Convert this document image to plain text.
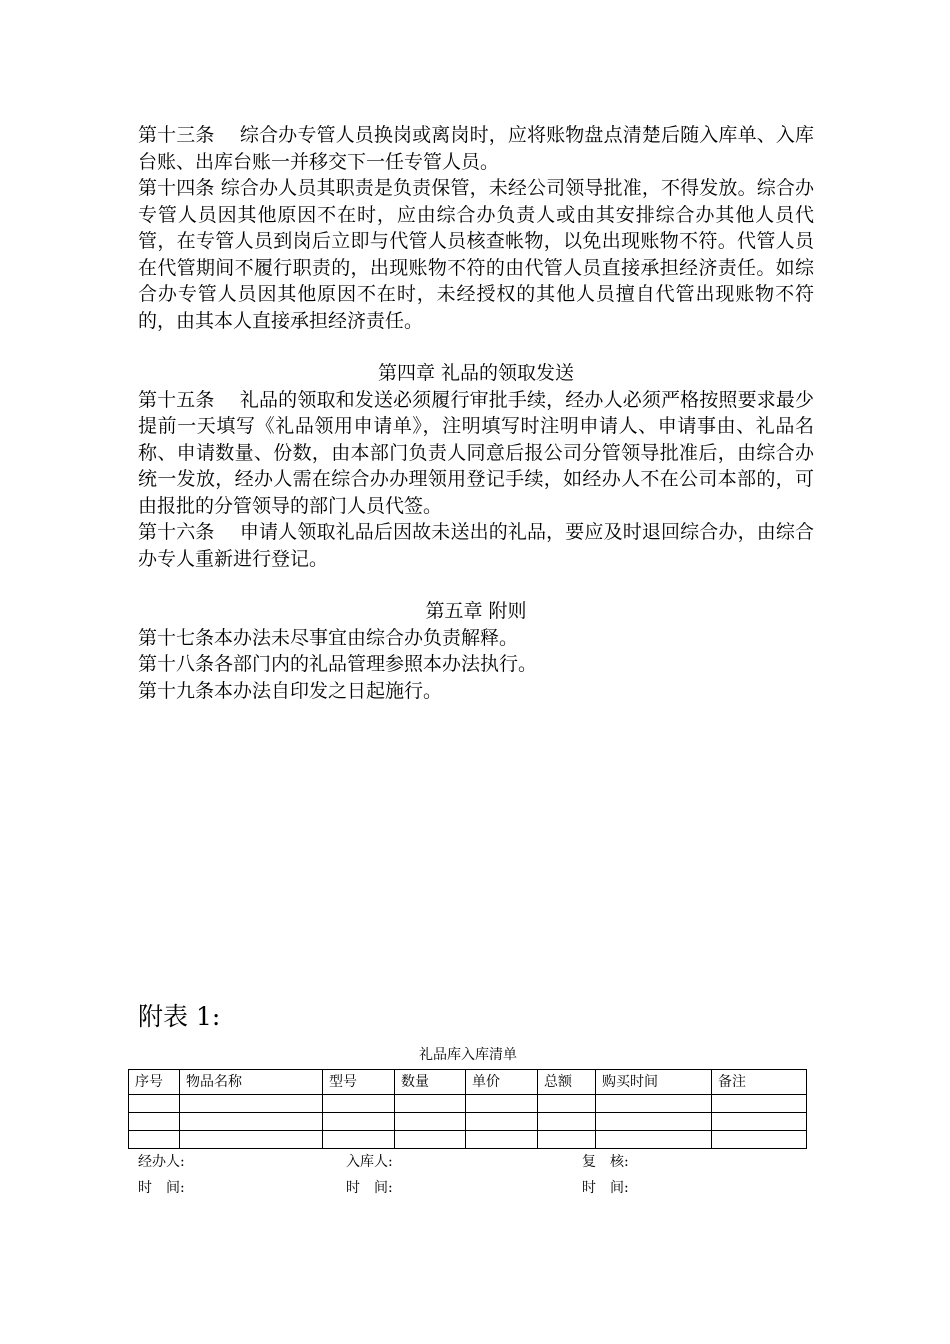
第十三条　 综合办专管人员换岗或离岗时，应将账物盘点清楚后随入库单、入库台账、出库台账一并移交下一任专管人员。

第十四条 综合办人员其职责是负责保管，未经公司领导批准，不得发放。综合办专管人员因其他原因不在时，应由综合办负责人或由其安排综合办其他人员代管，在专管人员到岗后立即与代管人员核查帐物，以免出现账物不符。代管人员在代管期间不履行职责的，出现账物不符的由代管人员直接承担经济责任。如综合办专管人员因其他原因不在时，未经授权的其他人员擅自代管出现账物不符的，由其本人直接承担经济责任。

第四章 礼品的领取发送

第十五条　 礼品的领取和发送必须履行审批手续，经办人必须严格按照要求最少提前一天填写《礼品领用申请单》，注明填写时注明申请人、申请事由、礼品名称、申请数量、份数，由本部门负责人同意后报公司分管领导批准后，由综合办统一发放，经办人需在综合办办理领用登记手续，如经办人不在公司本部的，可由报批的分管领导的部门人员代签。

第十六条　 申请人领取礼品后因故未送出的礼品，要应及时退回综合办，由综合办专人重新进行登记。

第五章 附则

第十七条本办法未尽事宜由综合办负责解释。

第十八条各部门内的礼品管理参照本办法执行。

第十九条本办法自印发之日起施行。

附表 1:
礼品库入库清单
序号	物品名称	型号	数量	单价	总额	购买时间	备注

经办人:	入库人:	复　核:
时　间:	时　间:	时　间:
